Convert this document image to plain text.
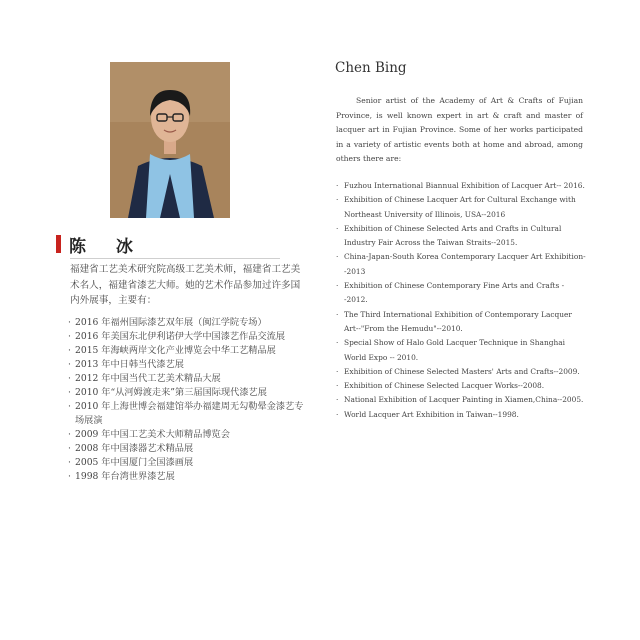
陈 冰

福建省工艺美术研究院高级工艺美术师，福建省工艺美术名人，福建省漆艺大师。她的艺术作品参加过许多国内外展事，主要有：

· 2016 年福州国际漆艺双年展（闽江学院专场）
· 2016 年美国东北伊利诺伊大学中国漆艺作品交流展
· 2015 年海峡两岸文化产业博览会中华工艺精品展
· 2013 年中日韩当代漆艺展
· 2012 年中国当代工艺美术精品大展
· 2010 年“从河姆渡走来”第三届国际现代漆艺展
· 2010 年上海世博会福建馆举办福建周无勾勒晕金漆艺专场展演
· 2009 年中国工艺美术大师精品博览会
· 2008 年中国漆器艺术精品展
· 2005 年中国厦门全国漆画展
· 1998 年台湾世界漆艺展
Chen Bing

Senior artist of the Academy of Art & Crafts of Fujian Province, is well known expert in art & craft and master of lacquer art in Fujian Province. Some of her works participated in a variety of artistic events both at home and abroad, among others there are:

· Fuzhou International Biannual Exhibition of Lacquer Art-- 2016.
· Exhibition of Chinese Lacquer Art for Cultural Exchange with Northeast University of Illinois, USA--2016
· Exhibition of Chinese Selected Arts and Crafts in Cultural Industry Fair Across the Taiwan Straits--2015.
· China-Japan-South Korea Contemporary Lacquer Art Exhibition--2013
· Exhibition of Chinese Contemporary Fine Arts and Crafts --2012.
· The Third International Exhibition of Contemporary Lacquer Art--"From the Hemudu"--2010.
· Special Show of Halo Gold Lacquer Technique in Shanghai World Expo -- 2010.
· Exhibition of Chinese Selected Masters' Arts and Crafts--2009.
· Exhibition of Chinese Selected Lacquer Works--2008.
· National Exhibition of Lacquer Painting in Xiamen,China--2005.
· World Lacquer Art Exhibition in Taiwan--1998.
